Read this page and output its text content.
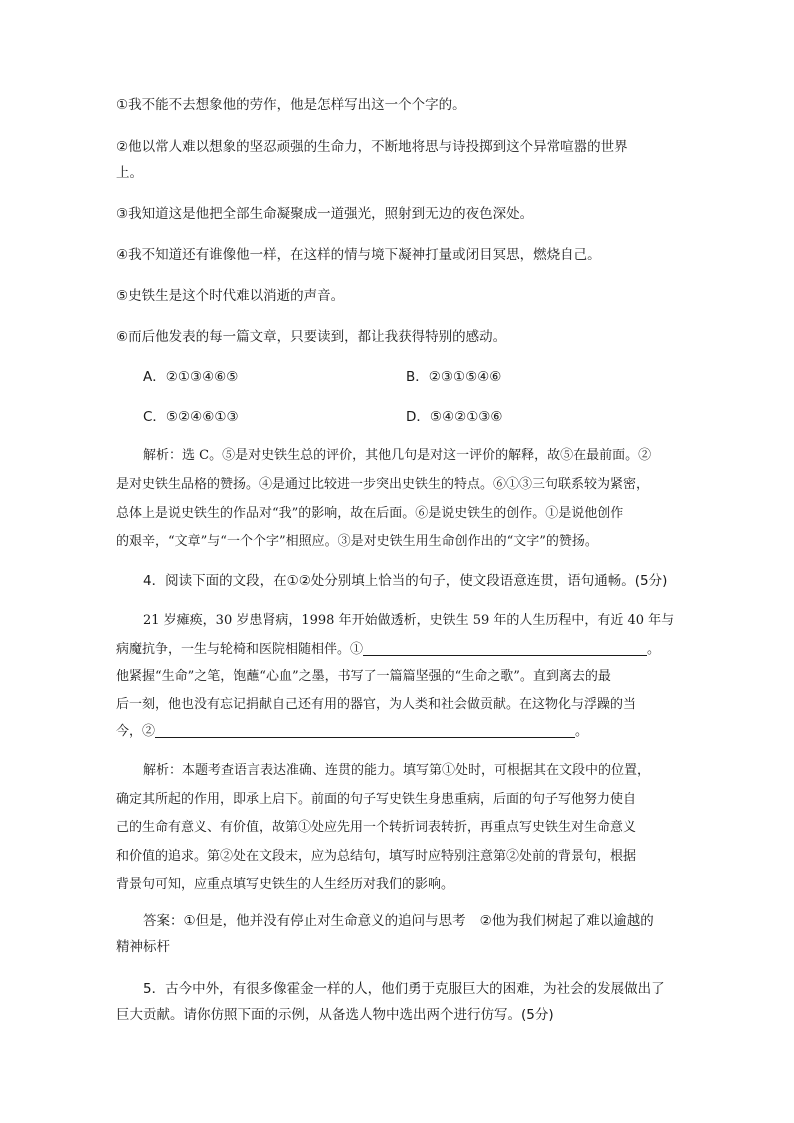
①我不能不去想象他的劳作，他是怎样写出这一个个字的。

②他以常人难以想象的坚忍顽强的生命力，不断地将思与诗投掷到这个异常喧嚣的世界

上。

③我知道这是他把全部生命凝聚成一道强光，照射到无边的夜色深处。

④我不知道还有谁像他一样，在这样的情与境下凝神打量或闭目冥思，燃烧自己。

⑤史铁生是这个时代难以消逝的声音。

⑥而后他发表的每一篇文章，只要读到，都让我获得特别的感动。

A．②①③④⑥⑤	B．②③①⑤④⑥
C．⑤②④⑥①③	D．⑤④②①③⑥

解析：选 C。⑤是对史铁生总的评价，其他几句是对这一评价的解释，故⑤在最前面。②

是对史铁生品格的赞扬。④是通过比较进一步突出史铁生的特点。⑥①③三句联系较为紧密，

总体上是说史铁生的作品对“我”的影响，故在后面。⑥是说史铁生的创作。①是说他创作

的艰辛，“文章”与“一个个字”相照应。③是对史铁生用生命创作出的“文字”的赞扬。

4．阅读下面的文段，在①②处分别填上恰当的句子，使文段语意连贯，语句通畅。(5分)

21 岁瘫痪，30 岁患肾病，1998 年开始做透析，史铁生 59 年的人生历程中，有近 40 年与

病魔抗争，一生与轮椅和医院相随相伴。①	。

他紧握“生命”之笔，饱蘸“心血”之墨，书写了一篇篇坚强的“生命之歌”。直到离去的最

后一刻，他也没有忘记捐献自己还有用的器官，为人类和社会做贡献。在这物化与浮躁的当

今，②	。

解析：本题考查语言表达准确、连贯的能力。填写第①处时，可根据其在文段中的位置，

确定其所起的作用，即承上启下。前面的句子写史铁生身患重病，后面的句子写他努力使自

己的生命有意义、有价值，故第①处应先用一个转折词表转折，再重点写史铁生对生命意义

和价值的追求。第②处在文段末，应为总结句，填写时应特别注意第②处前的背景句，根据

背景句可知，应重点填写史铁生的人生经历对我们的影响。

答案：①但是，他并没有停止对生命意义的追问与思考 ②他为我们树起了难以逾越的

精神标杆

5．古今中外，有很多像霍金一样的人，他们勇于克服巨大的困难，为社会的发展做出了

巨大贡献。请你仿照下面的示例，从备选人物中选出两个进行仿写。(5分)
